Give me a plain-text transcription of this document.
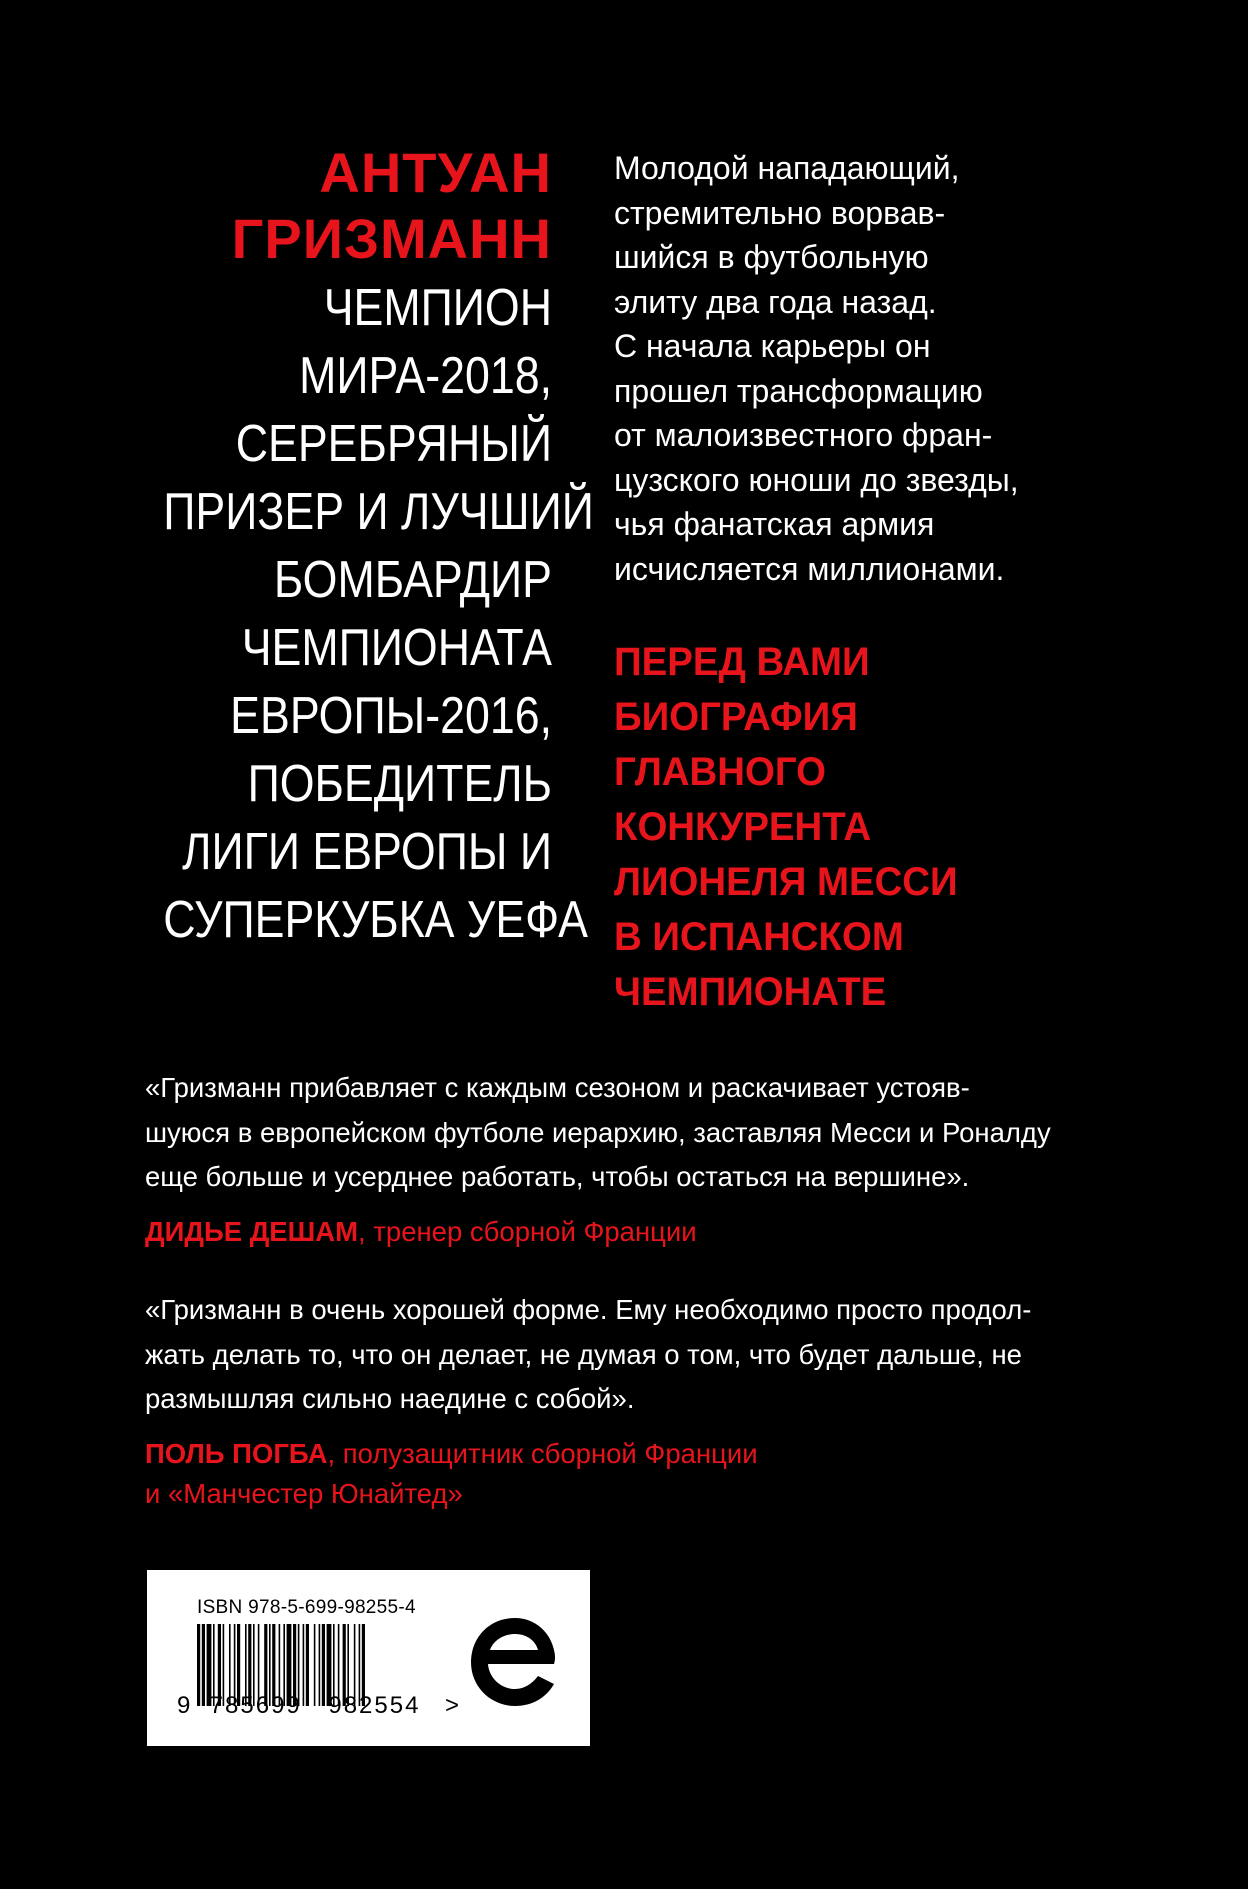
АНТУАН
ГРИЗМАНН
ЧЕМПИОН
МИРА-2018,
СЕРЕБРЯНЫЙ
ПРИЗЕР И ЛУЧШИЙ
БОМБАРДИР
ЧЕМПИОНАТА
ЕВРОПЫ-2016,
ПОБЕДИТЕЛЬ
ЛИГИ ЕВРОПЫ И
СУПЕРКУБКА УЕФА
Молодой нападающий,
стремительно ворвав-
шийся в футбольную
элиту два года назад.
С начала карьеры он
прошел трансформацию
от малоизвестного фран-
цузского юноши до звезды,
чья фанатская армия
исчисляется миллионами.
ПЕРЕД ВАМИ
БИОГРАФИЯ
ГЛАВНОГО
КОНКУРЕНТА
ЛИОНЕЛЯ МЕССИ
В ИСПАНСКОМ
ЧЕМПИОНАТЕ
«Гризманн прибавляет с каждым сезоном и раскачивает устояв-
шуюся в европейском футболе иерархию, заставляя Месси и Роналду
еще больше и усерднее работать, чтобы остаться на вершине».
ДИДЬЕ ДЕШАМ, тренер сборной Франции
«Гризманн в очень хорошей форме. Ему необходимо просто продол-
жать делать то, что он делает, не думая о том, что будет дальше, не
размышляя сильно наедине с собой».
ПОЛЬ ПОГБА, полузащитник сборной Франции
и «Манчестер Юнайтед»
ISBN 978-5-699-98255-4
9 785699 982554 >
